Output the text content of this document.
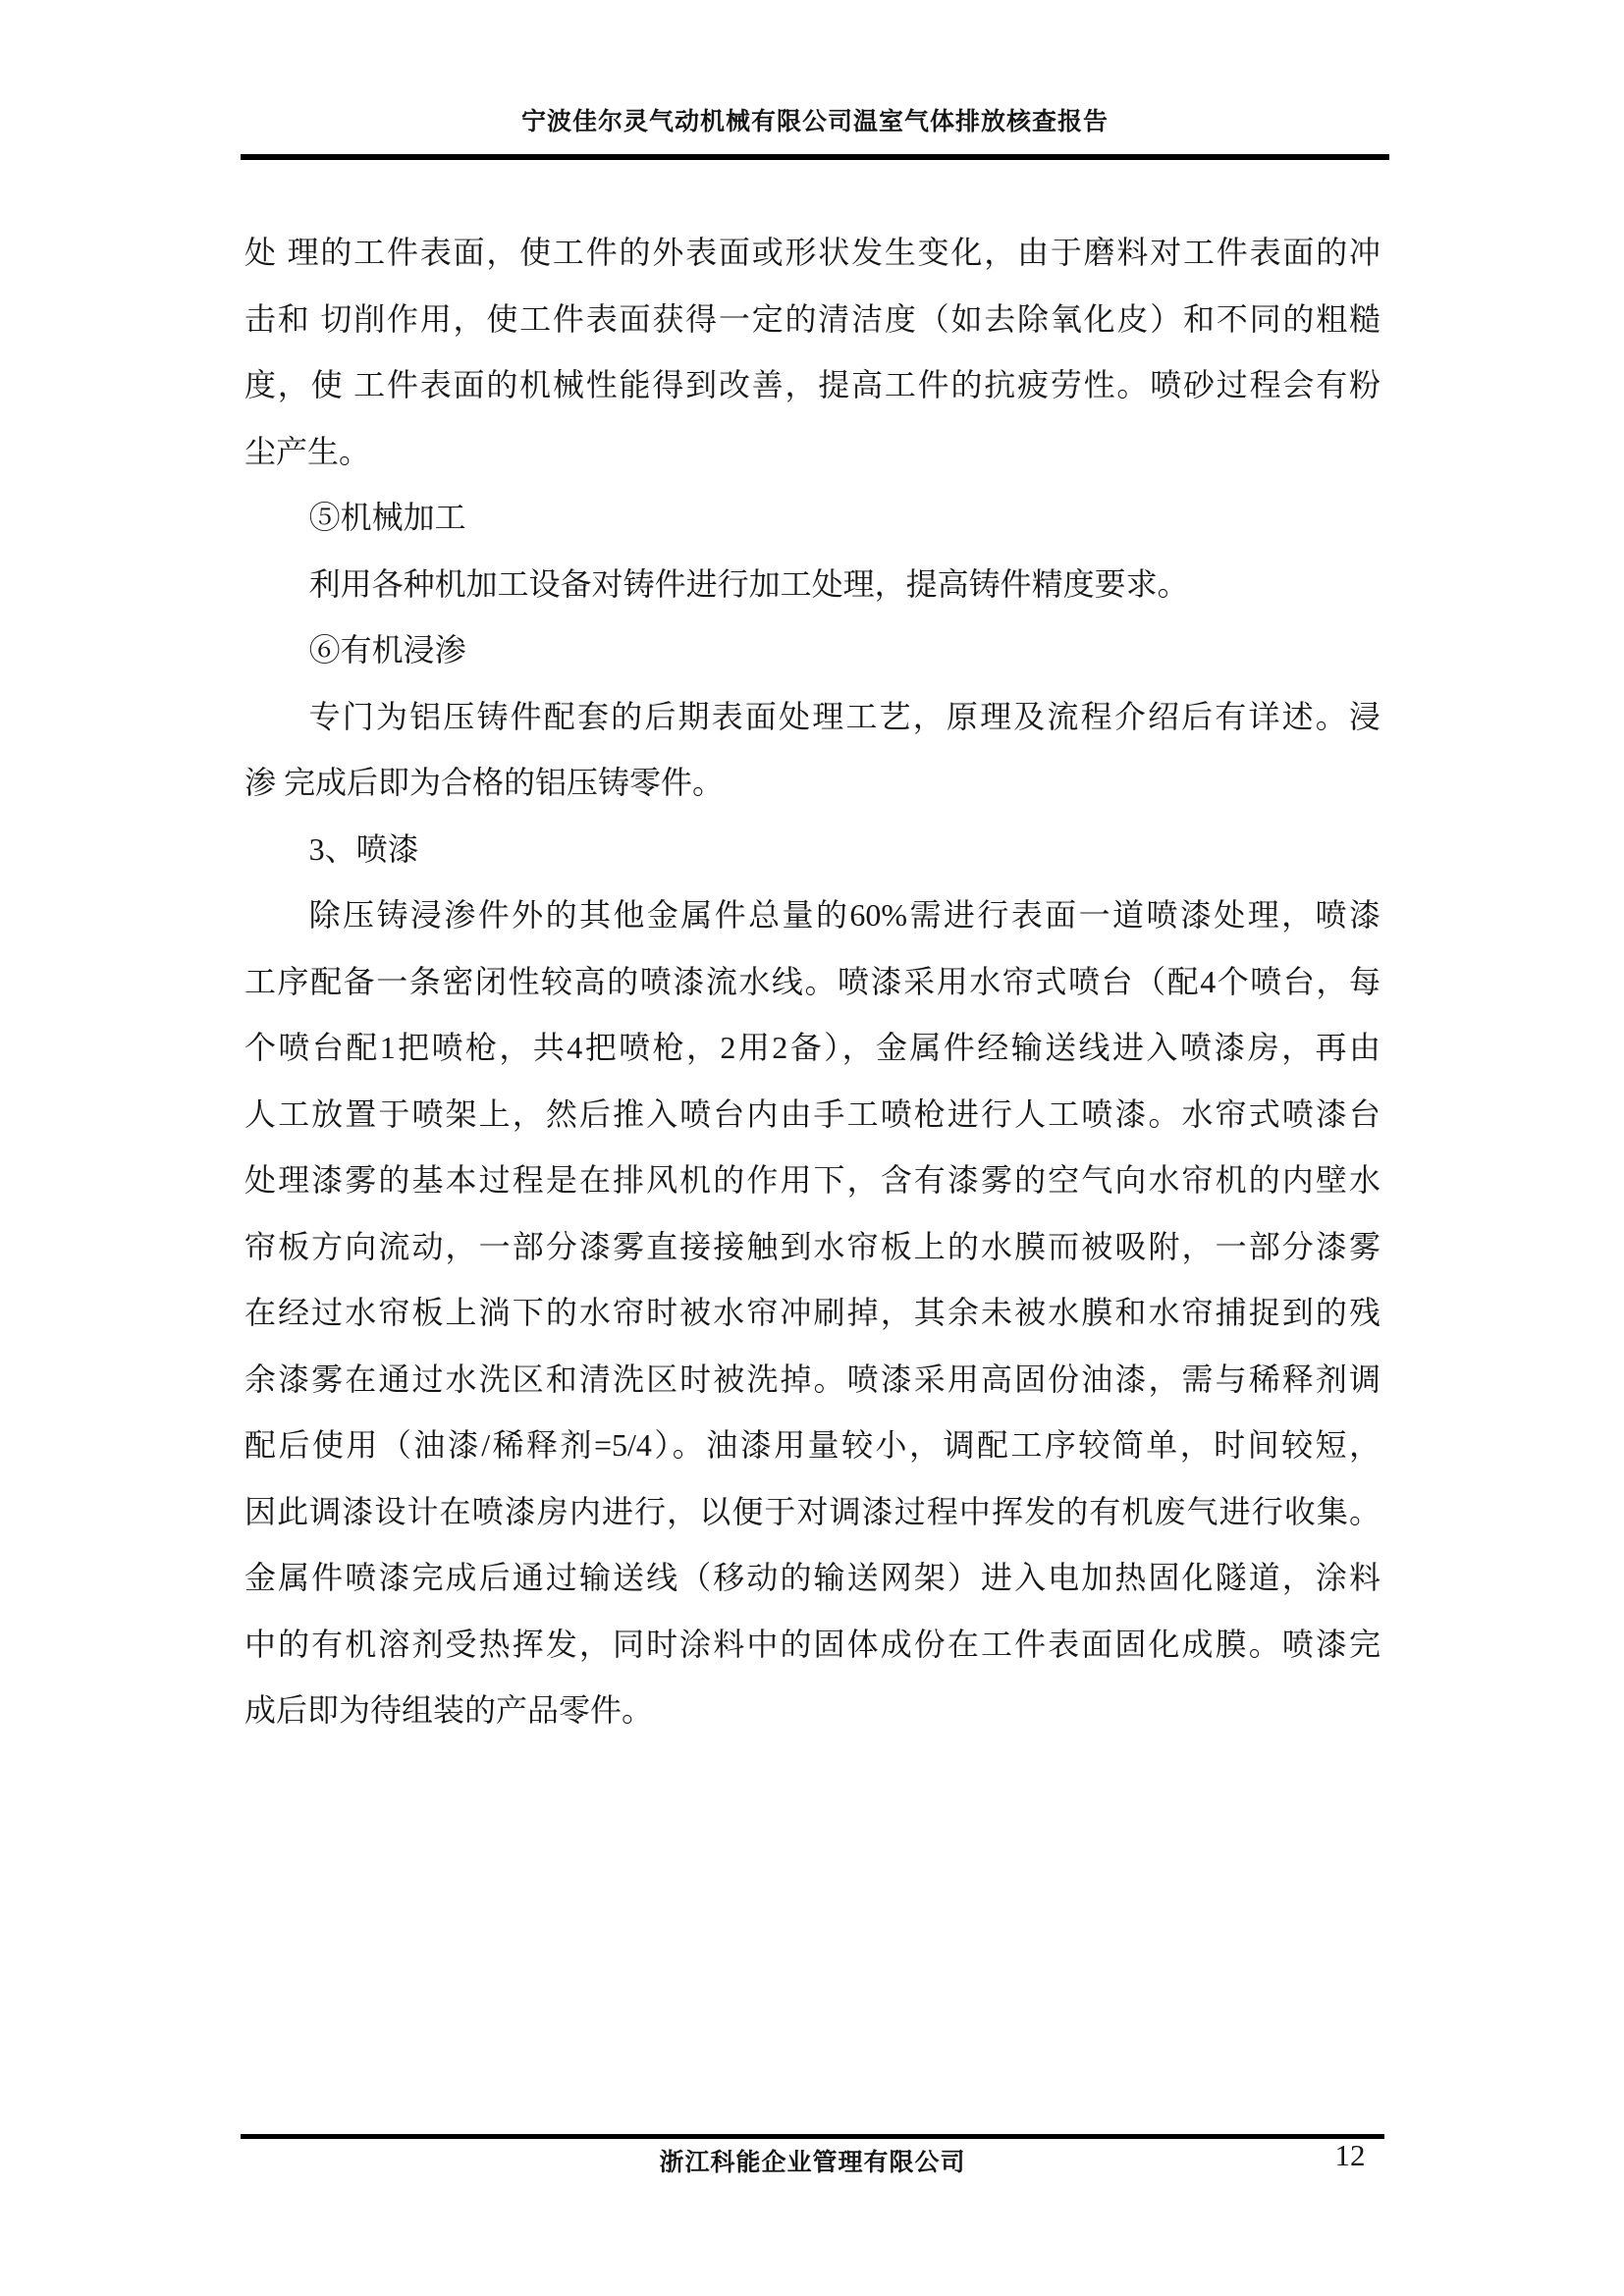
宁波佳尔灵气动机械有限公司温室气体排放核查报告
处 理的工件表面，使工件的外表面或形状发生变化，由于磨料对工件表面的冲
击和 切削作用，使工件表面获得一定的清洁度（如去除氧化皮）和不同的粗糙
度，使 工件表面的机械性能得到改善，提高工件的抗疲劳性。喷砂过程会有粉
尘产生。
⑤机械加工
利用各种机加工设备对铸件进行加工处理，提高铸件精度要求。
⑥有机浸渗
专门为铝压铸件配套的后期表面处理工艺，原理及流程介绍后有详述。浸
渗 完成后即为合格的铝压铸零件。
3、喷漆
除压铸浸渗件外的其他金属件总量的60%需进行表面一道喷漆处理，喷漆
工序配备一条密闭性较高的喷漆流水线。喷漆采用水帘式喷台（配4个喷台，每
个喷台配1把喷枪，共4把喷枪，2用2备），金属件经输送线进入喷漆房，再由
人工放置于喷架上，然后推入喷台内由手工喷枪进行人工喷漆。水帘式喷漆台
处理漆雾的基本过程是在排风机的作用下，含有漆雾的空气向水帘机的内壁水
帘板方向流动，一部分漆雾直接接触到水帘板上的水膜而被吸附，一部分漆雾
在经过水帘板上淌下的水帘时被水帘冲刷掉，其余未被水膜和水帘捕捉到的残
余漆雾在通过水洗区和清洗区时被洗掉。喷漆采用高固份油漆，需与稀释剂调
配后使用（油漆/稀释剂=5/4）。油漆用量较小，调配工序较简单，时间较短，
因此调漆设计在喷漆房内进行，以便于对调漆过程中挥发的有机废气进行收集。
金属件喷漆完成后通过输送线（移动的输送网架）进入电加热固化隧道，涂料
中的有机溶剂受热挥发，同时涂料中的固体成份在工件表面固化成膜。喷漆完
成后即为待组装的产品零件。
浙江科能企业管理有限公司	12
